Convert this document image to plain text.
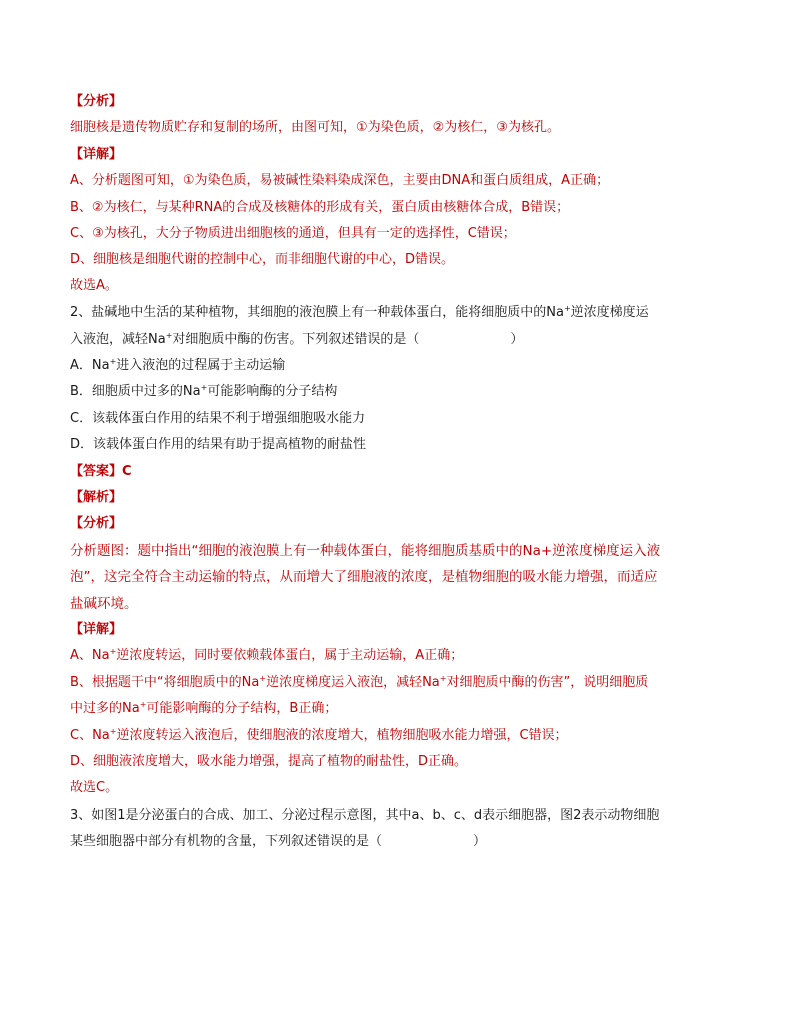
【分析】
细胞核是遗传物质贮存和复制的场所，由图可知，①为染色质，②为核仁，③为核孔。
【详解】
A、分析题图可知，①为染色质，易被碱性染料染成深色，主要由DNA和蛋白质组成，A正确；
B、②为核仁，与某种RNA的合成及核糖体的形成有关，蛋白质由核糖体合成，B错误；
C、③为核孔，大分子物质进出细胞核的通道，但具有一定的选择性，C错误；
D、细胞核是细胞代谢的控制中心，而非细胞代谢的中心，D错误。
故选A。
2、盐碱地中生活的某种植物，其细胞的液泡膜上有一种载体蛋白，能将细胞质中的Na+逆浓度梯度运
入液泡，减轻Na+对细胞质中酶的伤害。下列叙述错误的是（　　　　　　　）
A．Na+进入液泡的过程属于主动运输
B．细胞质中过多的Na+可能影响酶的分子结构
C．该载体蛋白作用的结果不利于增强细胞吸水能力
D．该载体蛋白作用的结果有助于提高植物的耐盐性
【答案】C
【解析】
【分析】
分析题图：题中指出“细胞的液泡膜上有一种载体蛋白，能将细胞质基质中的Na+逆浓度梯度运入液
泡”，这完全符合主动运输的特点，从而增大了细胞液的浓度，是植物细胞的吸水能力增强，而适应
盐碱环境。
【详解】
A、Na+逆浓度转运，同时要依赖载体蛋白，属于主动运输，A正确；
B、根据题干中“将细胞质中的Na+逆浓度梯度运入液泡，减轻Na+对细胞质中酶的伤害”，说明细胞质
中过多的Na+可能影响酶的分子结构，B正确；
C、Na+逆浓度转运入液泡后，使细胞液的浓度增大，植物细胞吸水能力增强，C错误；
D、细胞液浓度增大，吸水能力增强，提高了植物的耐盐性，D正确。
故选C。
3、如图1是分泌蛋白的合成、加工、分泌过程示意图，其中a、b、c、d表示细胞器，图2表示动物细胞
某些细胞器中部分有机物的含量，下列叙述错误的是（　　　　　　　）
